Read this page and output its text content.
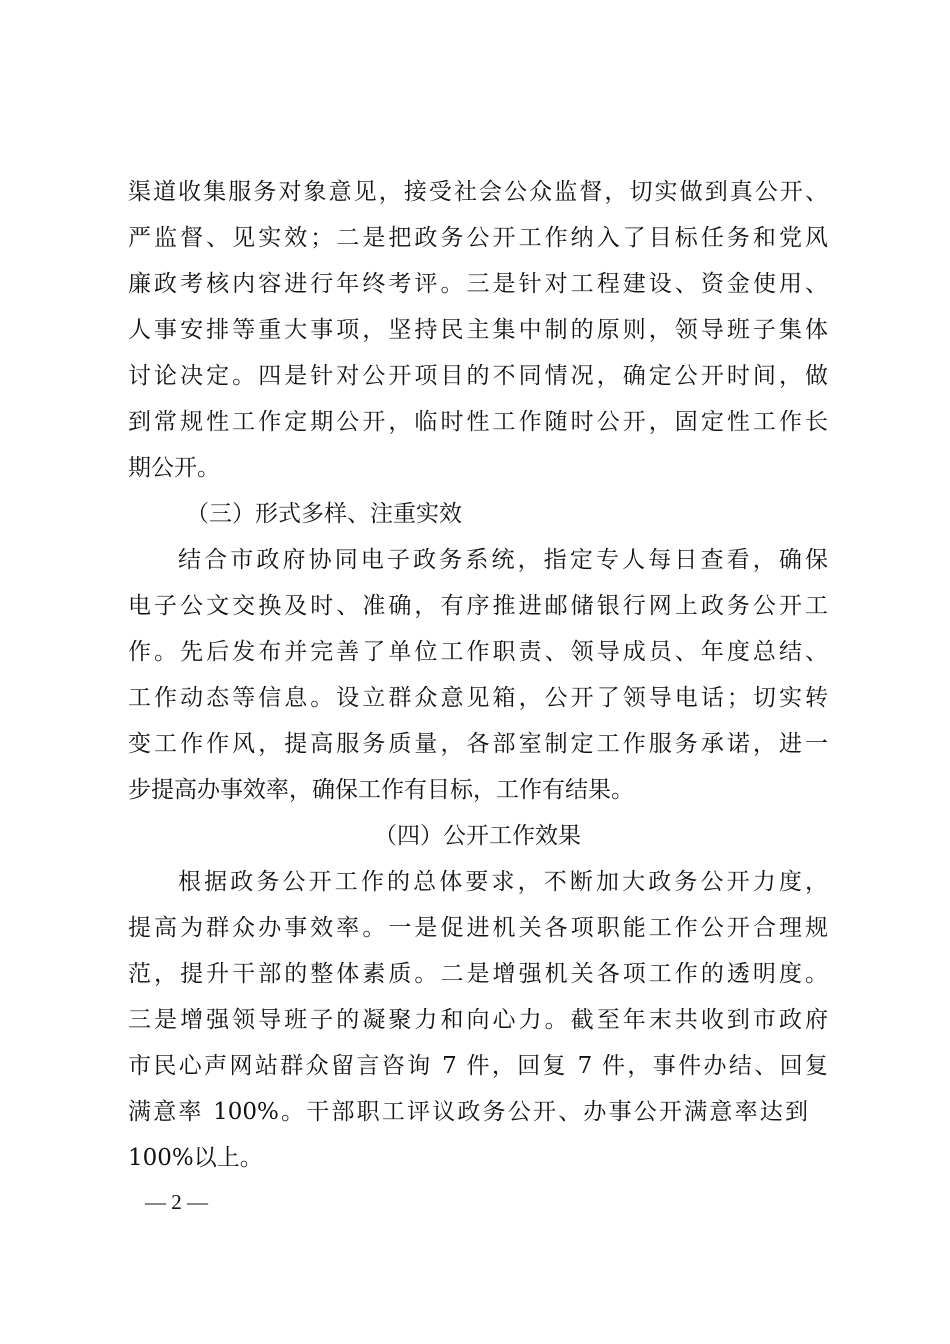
渠道收集服务对象意见，接受社会公众监督，切实做到真公开、
严监督、见实效；二是把政务公开工作纳入了目标任务和党风
廉政考核内容进行年终考评。三是针对工程建设、资金使用、
人事安排等重大事项，坚持民主集中制的原则，领导班子集体
讨论决定。四是针对公开项目的不同情况，确定公开时间，做
到常规性工作定期公开，临时性工作随时公开，固定性工作长
期公开。
（三）形式多样、注重实效
结合市政府协同电子政务系统，指定专人每日查看，确保
电子公文交换及时、准确，有序推进邮储银行网上政务公开工
作。先后发布并完善了单位工作职责、领导成员、年度总结、
工作动态等信息。设立群众意见箱，公开了领导电话；切实转
变工作作风，提高服务质量，各部室制定工作服务承诺，进一
步提高办事效率，确保工作有目标，工作有结果。
（四）公开工作效果
根据政务公开工作的总体要求，不断加大政务公开力度，
提高为群众办事效率。一是促进机关各项职能工作公开合理规
范，提升干部的整体素质。二是增强机关各项工作的透明度。
三是增强领导班子的凝聚力和向心力。截至年末共收到市政府
市民心声网站群众留言咨询 7 件，回复 7 件，事件办结、回复
满意率 100%。干部职工评议政务公开、办事公开满意率达到
100%以上。
— 2 —
